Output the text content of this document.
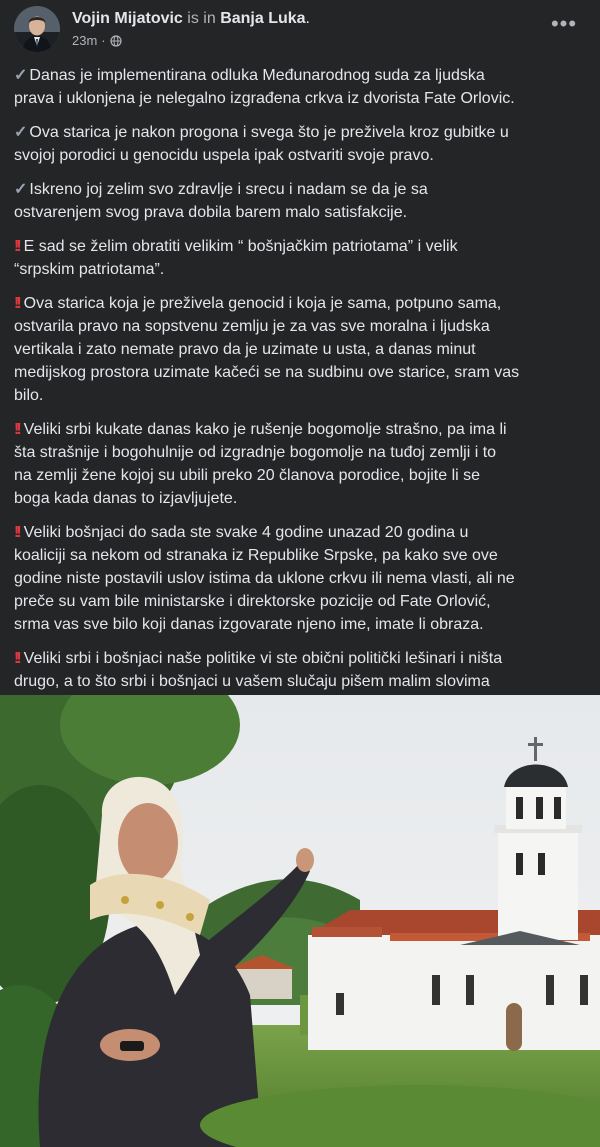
Vojin Mijatovic is in Banja Luka.
23m ·
•••
✓ Danas je implementirana odluka Međunarodnog suda za ljudska
prava i uklonjena je nelegalno izgrađena crkva iz dvorista Fate Orlovic.
✓ Ova starica je nakon progona i svega što je preživela kroz gubitke u
svojoj porodici u genocidu uspela ipak ostvariti svoje pravo.
✓ Iskreno joj zelim svo zdravlje i srecu i nadam se da je sa
ostvarenjem svog prava dobila barem malo satisfakcije.
!! E sad se želim obratiti velikim “ bošnjačkim patriotama” i velik
“srpskim patriotama”.
!! Ova starica koja je preživela genocid i koja je sama, potpuno sama,
ostvarila pravo na sopstvenu zemlju je za vas sve moralna i ljudska
vertikala i zato nemate pravo da je uzimate u usta, a danas minut
medijskog prostora uzimate kačeći se na sudbinu ove starice, sram vas
bilo.
!! Veliki srbi kukate danas kako je rušenje bogomolje strašno, pa ima li
šta strašnije i bogohulnije od izgradnje bogomolje na tuđoj zemlji i to
na zemlji žene kojoj su ubili preko 20 članova porodice, bojite li se
boga kada danas to izjavljujete.
!! Veliki bošnjaci do sada ste svake 4 godine unazad 20 godina u
koaliciji sa nekom od stranaka iz Republike Srpske, pa kako sve ove
godine niste postavili uslov istima da uklone crkvu ili nema vlasti, ali ne
preče su vam bile ministarske i direktorske pozicije od Fate Orlović,
srma vas sve bilo koji danas izgovarate njeno ime, imate li obraza.
!! Veliki srbi i bošnjaci naše politike vi ste obični politički lešinari i ništa
drugo, a to što srbi i bošnjaci u vašem slučaju pišem malim slovima
